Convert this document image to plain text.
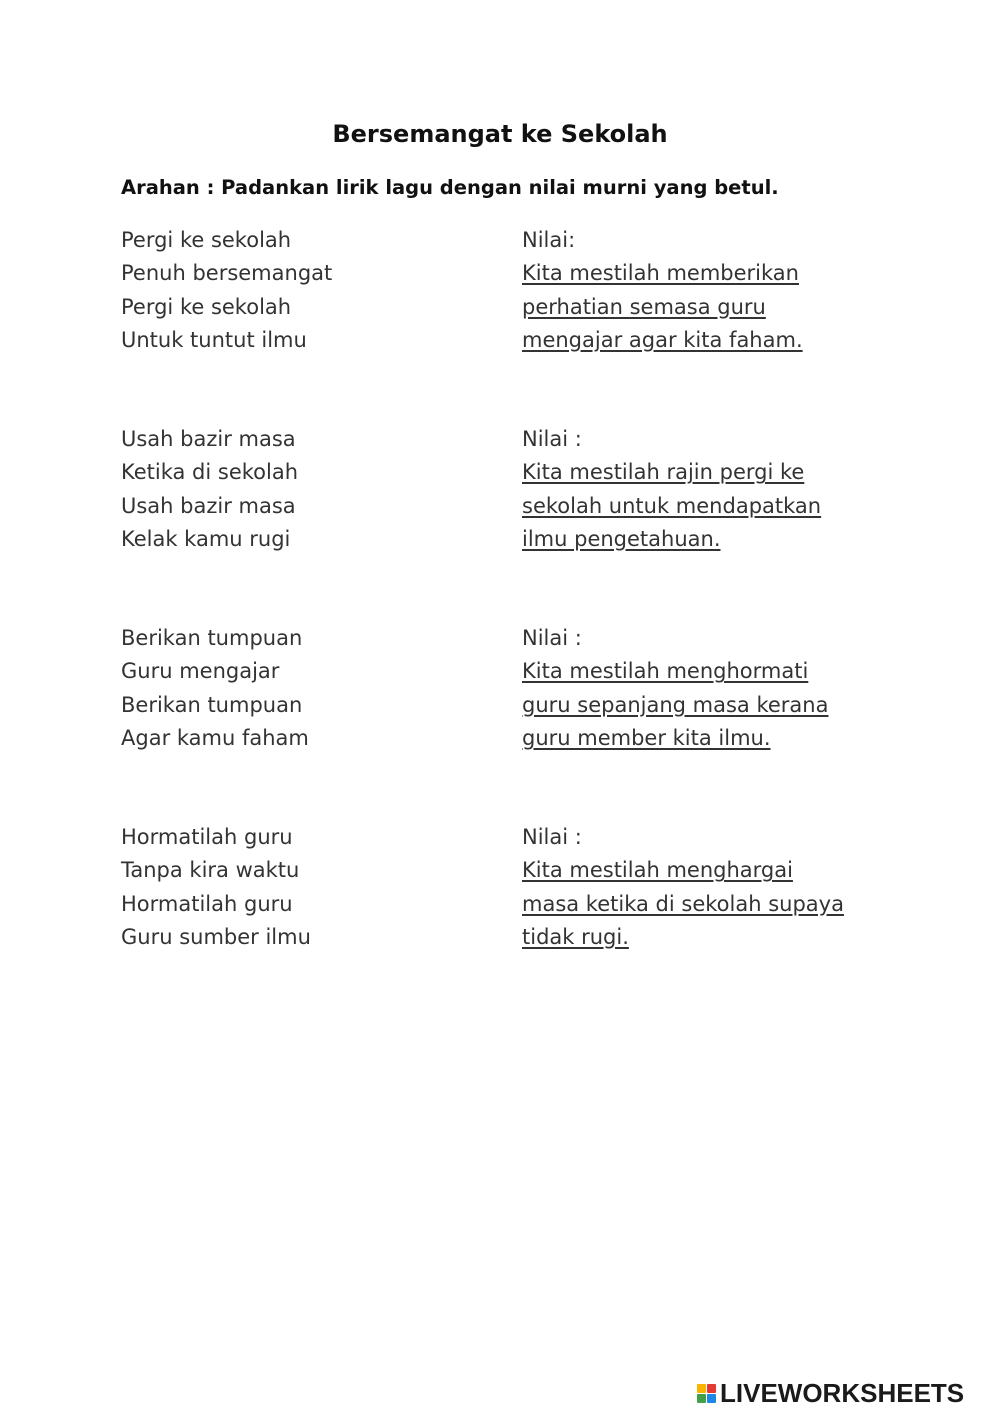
Bersemangat ke Sekolah
Arahan : Padankan lirik lagu dengan nilai murni yang betul.
Pergi ke sekolah
Penuh bersemangat
Pergi ke sekolah
Untuk tuntut ilmu
Nilai:
Kita mestilah memberikan
perhatian semasa guru
mengajar agar kita faham.
Usah bazir masa
Ketika di sekolah
Usah bazir masa
Kelak kamu rugi
Nilai :
Kita mestilah rajin pergi ke
sekolah untuk mendapatkan
ilmu pengetahuan.
Berikan tumpuan
Guru mengajar
Berikan tumpuan
Agar kamu faham
Nilai :
Kita mestilah menghormati
guru sepanjang masa kerana
guru member kita ilmu.
Hormatilah guru
Tanpa kira waktu
Hormatilah guru
Guru sumber ilmu
Nilai :
Kita mestilah menghargai
masa ketika di sekolah supaya
tidak rugi.
LIVEWORKSHEETS
